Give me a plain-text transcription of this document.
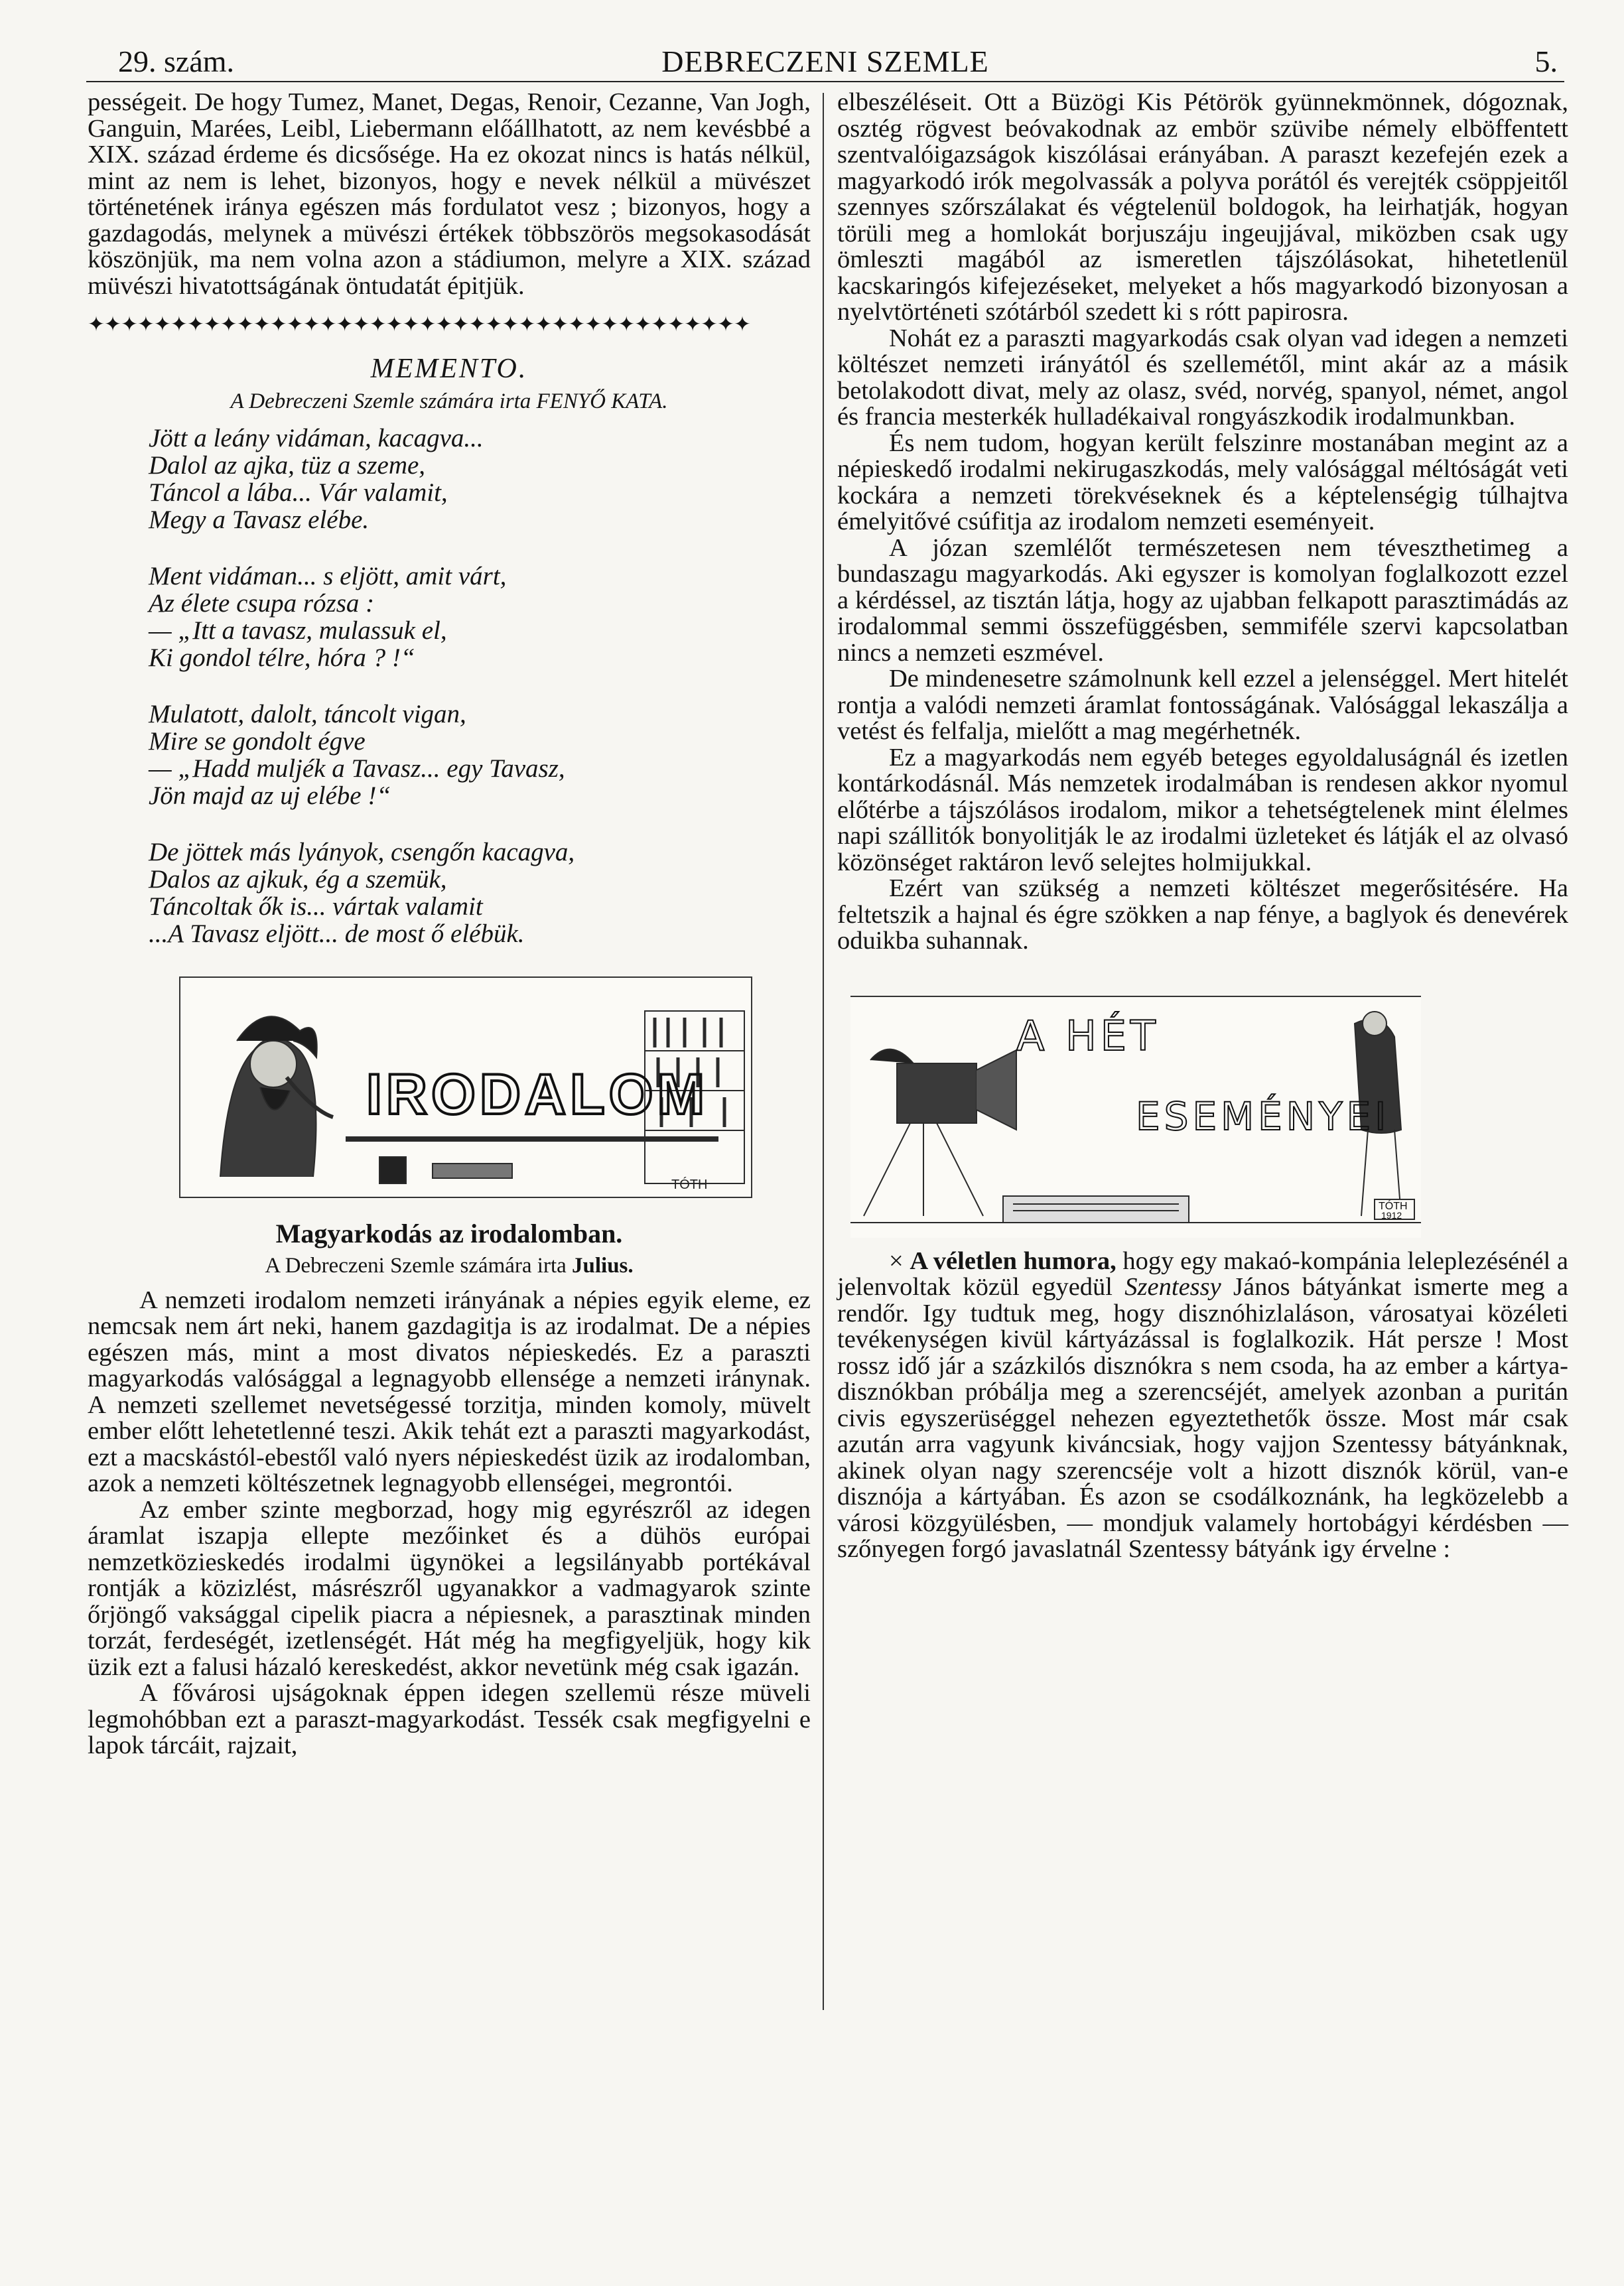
DEBRECZENI SZEMLE
29. szám.	5.

pességeit. De hogy Tumez, Manet, Degas, Renoir, Cezanne, Van Jogh, Ganguin, Marées, Leibl, Liebermann előállhatott, az nem kevésbbé a XIX. század érdeme és dicsősége. Ha ez okozat nincs is hatás nélkül, mint az nem is lehet, bizonyos, hogy e nevek nélkül a müvészet történetének iránya egészen más fordulatot vesz ; bizonyos, hogy a gazdagodás, melynek a müvészi értékek többszörös megsokasodását köszönjük, ma nem volna azon a stádiumon, melyre a XIX. század müvészi hivatottságának öntudatát épitjük.

✦✦✦✦✦✦✦✦✦✦✦✦✦✦✦✦✦✦✦✦✦✦✦✦✦✦✦✦✦✦✦✦✦✦✦✦✦✦✦✦
MEMENTO.
A Debreczeni Szemle számára irta FENYŐ KATA.
Jött a leány vidáman, kacagva...
Dalol az ajka, tüz a szeme,
Táncol a lába... Vár valamit,
Megy a Tavasz elébe.
Ment vidáman... s eljött, amit várt,
Az élete csupa rózsa :
— „Itt a tavasz, mulassuk el,
Ki gondol télre, hóra ? !“
Mulatott, dalolt, táncolt vigan,
Mire se gondolt égve
— „Hadd muljék a Tavasz... egy Tavasz,
Jön majd az uj elébe !“
De jöttek más lyányok, csengőn kacagva,
Dalos az ajkuk, ég a szemük,
Táncoltak ők is... vártak valamit
...A Tavasz eljött... de most ő elébük.
IRODALOM
TÓTH
Magyarkodás az irodalomban.
A Debreczeni Szemle számára irta Julius.

A nemzeti irodalom nemzeti irányának a népies egyik eleme, ez nemcsak nem árt neki, hanem gazdagitja is az irodalmat. De a népies egészen más, mint a most divatos népieskedés. Ez a paraszti magyarkodás valósággal a legnagyobb ellensége a nemzeti iránynak. A nemzeti szellemet nevetségessé torzitja, minden komoly, müvelt ember előtt lehetetlenné teszi. Akik tehát ezt a paraszti magyarkodást, ezt a macskástól-ebestől való nyers népieskedést üzik az irodalomban, azok a nemzeti költészetnek legnagyobb ellenségei, megrontói.

Az ember szinte megborzad, hogy mig egyrészről az idegen áramlat iszapja ellepte mezőinket és a dühös európai nemzetközieskedés irodalmi ügynökei a legsilányabb portékával rontják a közizlést, másrészről ugyanakkor a vadmagyarok szinte őrjöngő vaksággal cipelik piacra a népiesnek, a parasztinak minden torzát, ferdeségét, izetlenségét. Hát még ha megfigyeljük, hogy kik üzik ezt a falusi házaló kereskedést, akkor nevetünk még csak igazán.

A fővárosi ujságoknak éppen idegen szellemü része müveli legmohóbban ezt a paraszt-magyarkodást. Tessék csak megfigyelni e lapok tárcáit, rajzait,

elbeszéléseit. Ott a Büzögi Kis Pétörök gyünnekmönnek, dógoznak, osztég rögvest beóvakodnak az embör szüvibe némely elböffentett szentvalóigazságok kiszólásai erányában. A paraszt kezefején ezek a magyarkodó irók megolvassák a polyva porától és verejték csöppjeitől szennyes szőrszálakat és végtelenül boldogok, ha leirhatják, hogyan törüli meg a homlokát borjuszáju ingeujjával, miközben csak ugy ömleszti magából az ismeretlen tájszólásokat, hihetetlenül kacskaringós kifejezéseket, melyeket a hős magyarkodó bizonyosan a nyelvtörténeti szótárból szedett ki s rótt papirosra.

Nohát ez a paraszti magyarkodás csak olyan vad idegen a nemzeti költészet nemzeti irányától és szellemétől, mint akár az a másik betolakodott divat, mely az olasz, svéd, norvég, spanyol, német, angol és francia mesterkék hulladékaival rongyászkodik irodalmunkban.

És nem tudom, hogyan került felszinre mostanában megint az a népieskedő irodalmi nekirugaszkodás, mely valósággal méltóságát veti kockára a nemzeti törekvéseknek és a képtelenségig túlhajtva émelyitővé csúfitja az irodalom nemzeti eseményeit.

A józan szemlélőt természetesen nem téveszthetimeg a bundaszagu magyarkodás. Aki egyszer is komolyan foglalkozott ezzel a kérdéssel, az tisztán látja, hogy az ujabban felkapott parasztimádás az irodalommal semmi összefüggésben, semmiféle szervi kapcsolatban nincs a nemzeti eszmével.

De mindenesetre számolnunk kell ezzel a jelenséggel. Mert hitelét rontja a valódi nemzeti áramlat fontosságának. Valósággal lekaszálja a vetést és felfalja, mielőtt a mag megérhetnék.

Ez a magyarkodás nem egyéb beteges egyoldaluságnál és izetlen kontárkodásnál. Más nemzetek irodalmában is rendesen akkor nyomul előtérbe a tájszólásos irodalom, mikor a tehetségtelenek mint élelmes napi szállitók bonyolitják le az irodalmi üzleteket és látják el az olvasó közönséget raktáron levő selejtes holmijukkal.

Ezért van szükség a nemzeti költészet megerősitésére. Ha feltetszik a hajnal és égre szökken a nap fénye, a baglyok és denevérek oduikba suhannak.

A HÉT
ESEMÉNYEI
TÓTH
1912

× A véletlen humora, hogy egy makaó-kompánia leleplezésénél a jelenvoltak közül egyedül Szentessy János bátyánkat ismerte meg a rendőr. Igy tudtuk meg, hogy disznóhizlaláson, városatyai közéleti tevékenységen kivül kártyázással is foglalkozik. Hát persze ! Most rossz idő jár a százkilós disznókra s nem csoda, ha az ember a kártya-disznókban próbálja meg a szerencséjét, amelyek azonban a puritán civis egyszerüséggel nehezen egyeztethetők össze. Most már csak azután arra vagyunk kiváncsiak, hogy vajjon Szentessy bátyánknak, akinek olyan nagy szerencséje volt a hizott disznók körül, van-e disznója a kártyában. És azon se csodálkoznánk, ha legközelebb a városi közgyülésben, — mondjuk valamely hortobágyi kérdésben — szőnyegen forgó javaslatnál Szentessy bátyánk igy érvelne :
